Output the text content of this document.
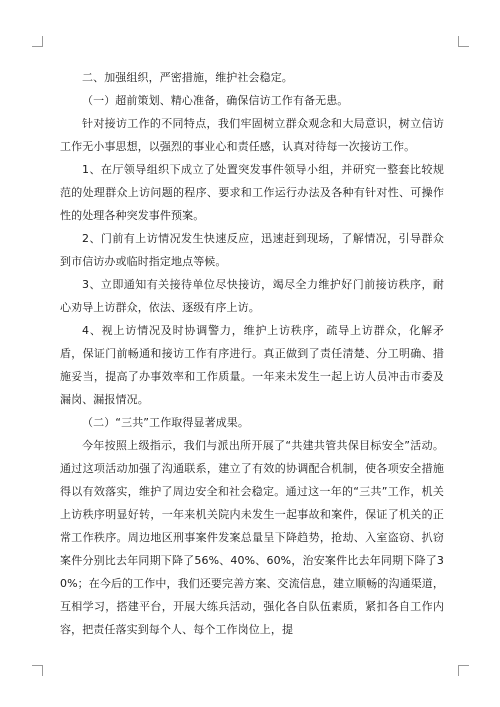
二、加强组织，严密措施，维护社会稳定。

（一）超前策划、精心准备，确保信访工作有备无患。

针对接访工作的不同特点，我们牢固树立群众观念和大局意识，树立信访工作无小事思想，以强烈的事业心和责任感，认真对待每一次接访工作。

1、在厅领导组织下成立了处置突发事件领导小组，并研究一整套比较规范的处理群众上访问题的程序、要求和工作运行办法及各种有针对性、可操作性的处理各种突发事件预案。

2、门前有上访情况发生快速反应，迅速赶到现场，了解情况，引导群众到市信访办或临时指定地点等候。

3、立即通知有关接待单位尽快接访，竭尽全力维护好门前接访秩序，耐心劝导上访群众，依法、逐级有序上访。

4、视上访情况及时协调警力，维护上访秩序，疏导上访群众，化解矛盾，保证门前畅通和接访工作有序进行。真正做到了责任清楚、分工明确、措施妥当，提高了办事效率和工作质量。一年来未发生一起上访人员冲击市委及漏岗、漏报情况。

（二）“三共”工作取得显著成果。

今年按照上级指示，我们与派出所开展了“共建共管共保目标安全”活动。通过这项活动加强了沟通联系，建立了有效的协调配合机制，使各项安全措施得以有效落实，维护了周边安全和社会稳定。通过这一年的“三共”工作，机关上访秩序明显好转，一年来机关院内未发生一起事故和案件，保证了机关的正常工作秩序。周边地区刑事案件发案总量呈下降趋势，抢劫、入室盗窃、扒窃案件分别比去年同期下降了56%、40%、60%，治安案件比去年同期下降了30%；在今后的工作中，我们还要完善方案、交流信息，建立顺畅的沟通渠道，互相学习，搭建平台，开展大练兵活动，强化各自队伍素质，紧扣各自工作内容，把责任落实到每个人、每个工作岗位上，提
